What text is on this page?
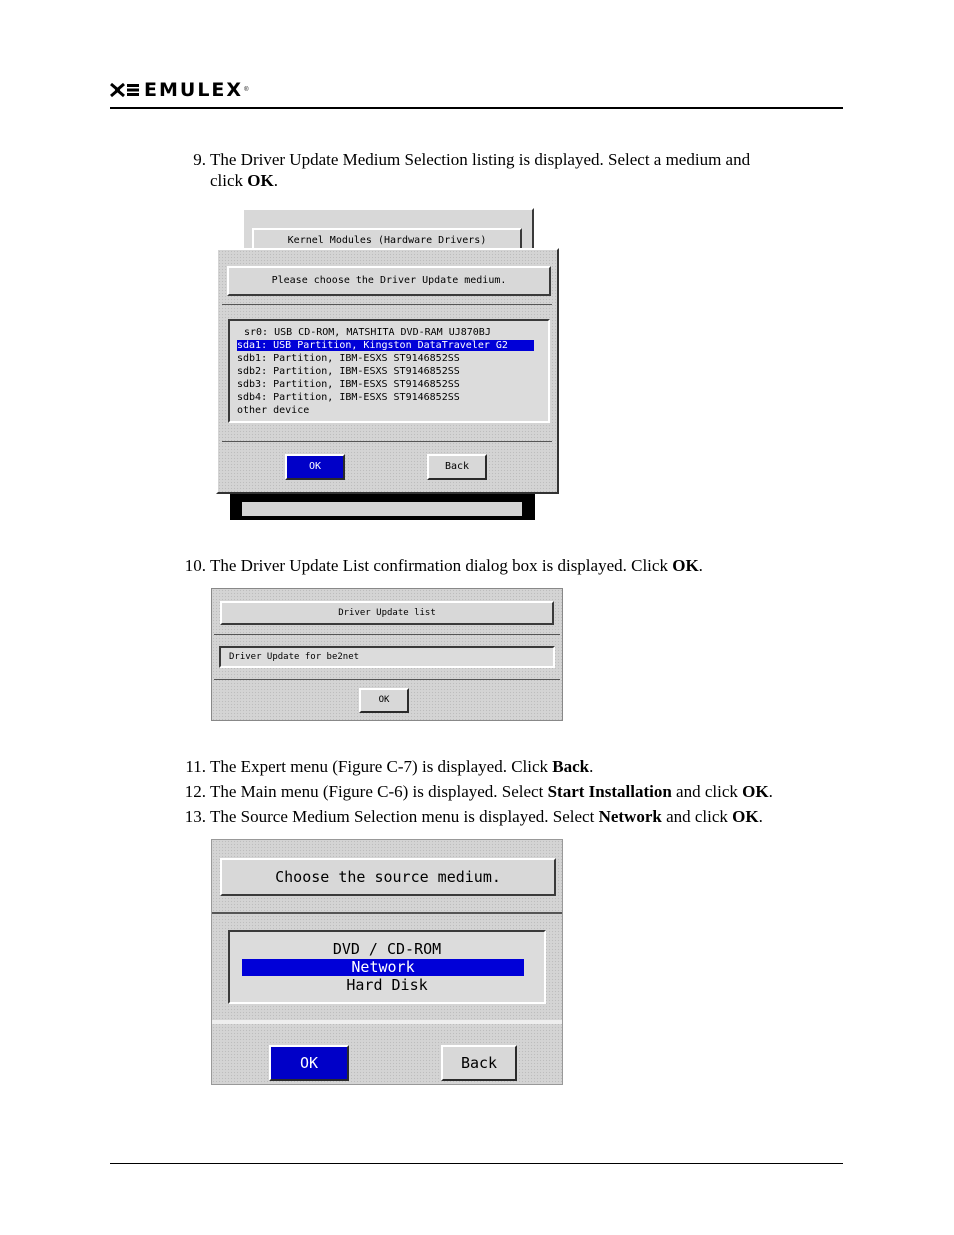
EMULEX ®
9. The Driver Update Medium Selection listing is displayed. Select a medium and
click OK.
Kernel Modules (Hardware Drivers)
Please choose the Driver Update medium.
sr0: USB CD-ROM, MATSHITA DVD-RAM UJ870BJ
sda1: USB Partition, Kingston DataTraveler G2
sdb1: Partition, IBM-ESXS ST9146852SS
sdb2: Partition, IBM-ESXS ST9146852SS
sdb3: Partition, IBM-ESXS ST9146852SS
sdb4: Partition, IBM-ESXS ST9146852SS
other device
OK	Back
10. The Driver Update List confirmation dialog box is displayed. Click OK.
Driver Update list
Driver Update for be2net
OK
11. The Expert menu (Figure C-7) is displayed. Click Back.
12. The Main menu (Figure C-6) is displayed. Select Start Installation and click OK.
13. The Source Medium Selection menu is displayed. Select Network and click OK.
Choose the source medium.
DVD / CD-ROM
Network
Hard Disk
OK	Back
